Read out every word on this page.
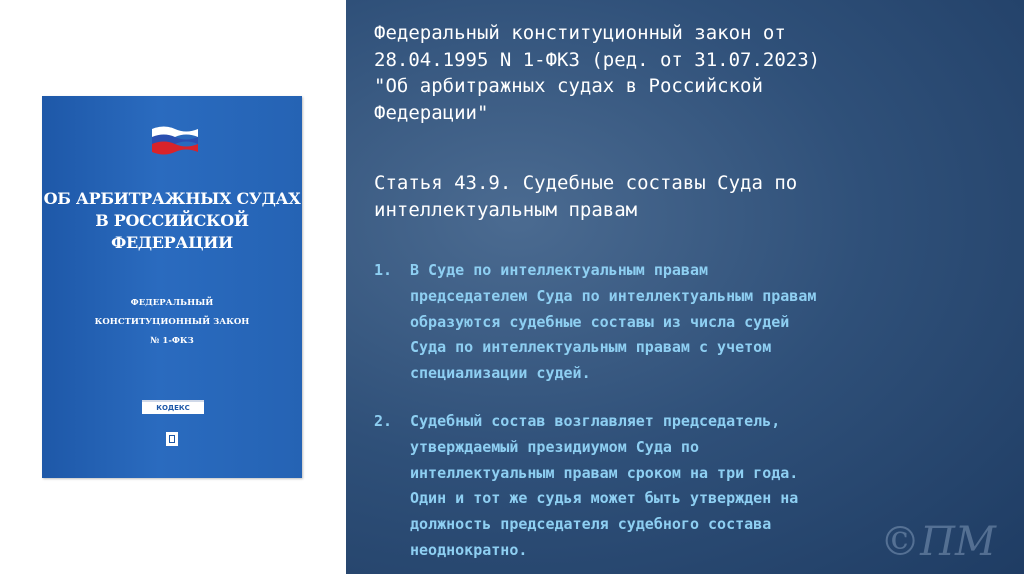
ОБ АРБИТРАЖНЫХ СУДАХ
В РОССИЙСКОЙ
ФЕДЕРАЦИИ
ФЕДЕРАЛЬНЫЙ
КОНСТИТУЦИОННЫЙ ЗАКОН
№ 1-ФКЗ
КОДЕКС
Федеральный конституционный закон от
28.04.1995 N 1-ФКЗ (ред. от 31.07.2023)
"Об арбитражных судах в Российской
Федерации"
Статья 43.9. Судебные составы Суда по
интеллектуальным правам
1. В Суде по интеллектуальным правам
председателем Суда по интеллектуальным правам
образуются судебные составы из числа судей
Суда по интеллектуальным правам с учетом
специализации судей.
2. Судебный состав возглавляет председатель,
утверждаемый президиумом Суда по
интеллектуальным правам сроком на три года.
Один и тот же судья может быть утвержден на
должность председателя судебного состава
неоднократно.	©ПМ
